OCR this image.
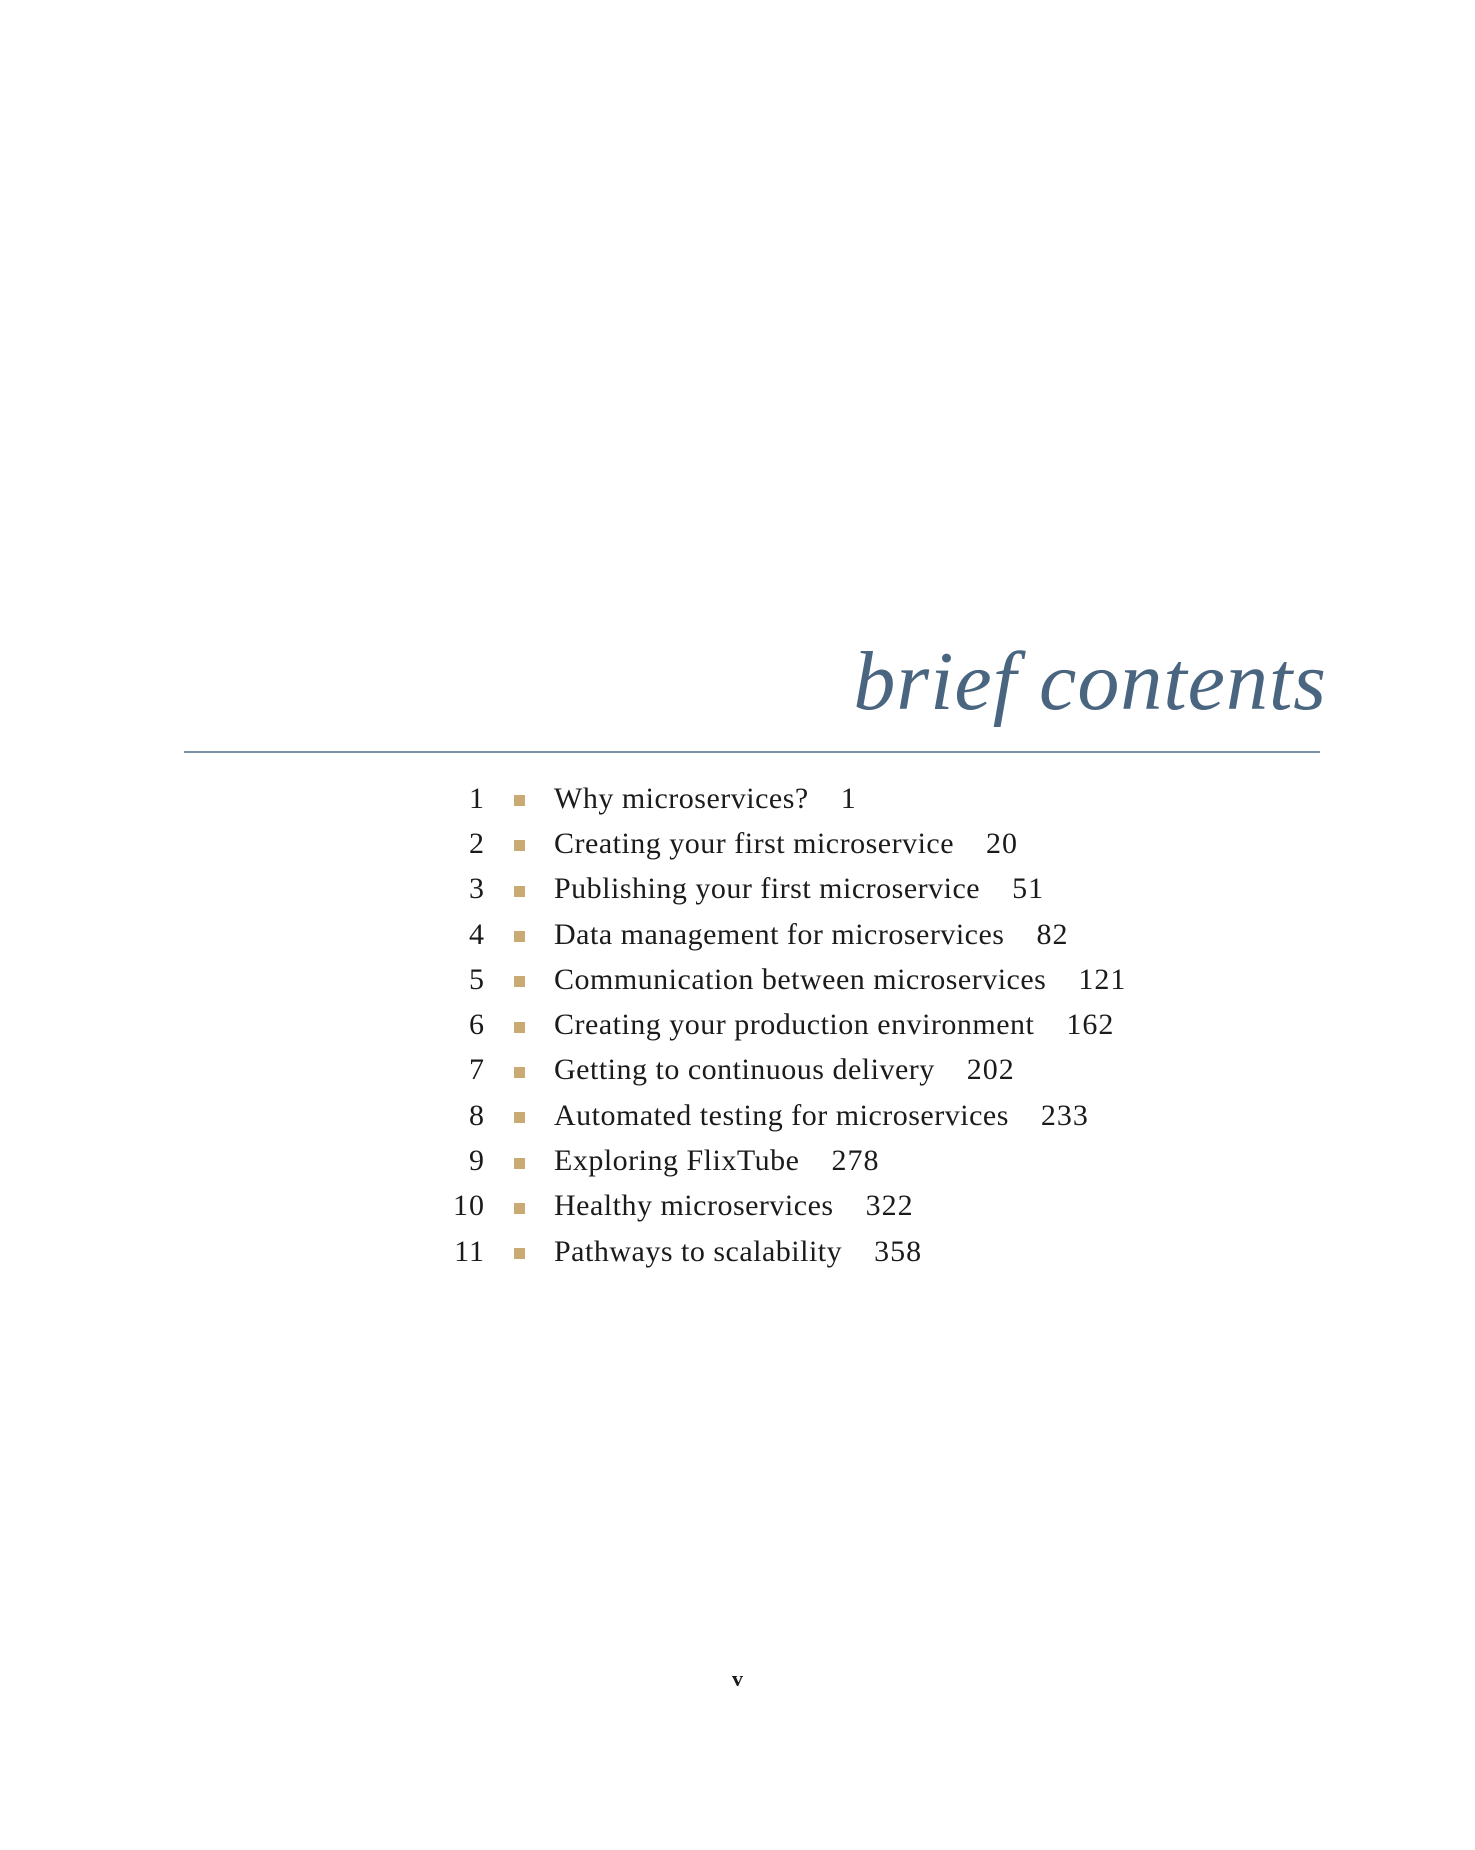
brief contents
1 Why microservices? 1
2 Creating your first microservice 20
3 Publishing your first microservice 51
4 Data management for microservices 82
5 Communication between microservices 121
6 Creating your production environment 162
7 Getting to continuous delivery 202
8 Automated testing for microservices 233
9 Exploring FlixTube 278
10 Healthy microservices 322
11 Pathways to scalability 358
v
